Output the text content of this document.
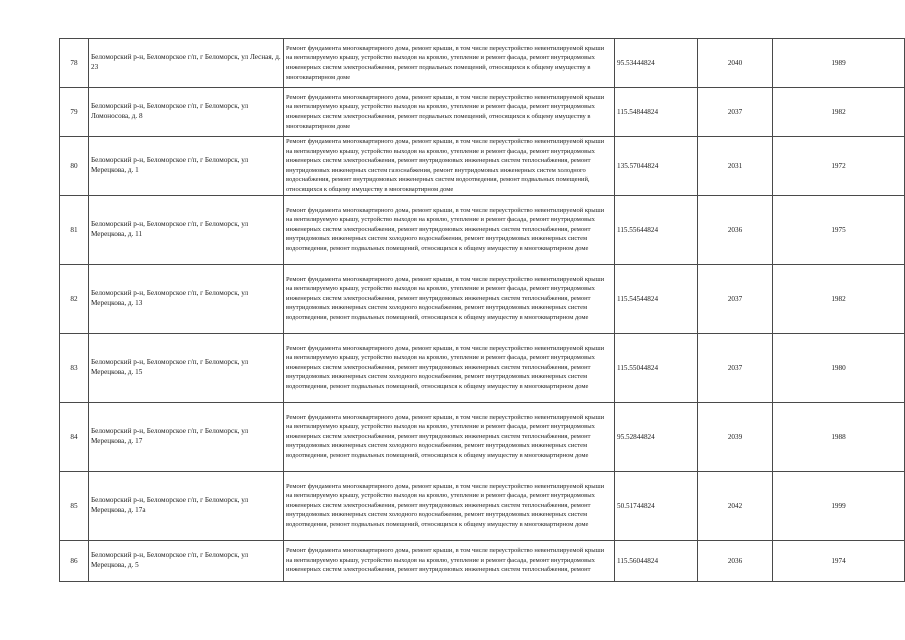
78	Беломорский р-н, Беломорское г/п, г Беломорск, ул Лесная, д. 23	Ремонт фундамента многоквартирного дома, ремонт крыши, в том числе переустройство невентилируемой крыши на вентилируемую крышу, устройство выходов на кровлю, утепление и ремонт фасада, ремонт внутридомовых инженерных систем электроснабжения, ремонт подвальных помещений, относящихся к общему имуществу в многоквартирном доме	95.53444824	2040	1989
79	Беломорский р-н, Беломорское г/п, г Беломорск, ул Ломоносова, д. 8	Ремонт фундамента многоквартирного дома, ремонт крыши, в том числе переустройство невентилируемой крыши на вентилируемую крышу, устройство выходов на кровлю, утепление и ремонт фасада, ремонт внутридомовых инженерных систем электроснабжения, ремонт подвальных помещений, относящихся к общему имуществу в многоквартирном доме	115.54844824	2037	1982
80	Беломорский р-н, Беломорское г/п, г Беломорск, ул Мерецкова, д. 1	Ремонт фундамента многоквартирного дома, ремонт крыши, в том числе переустройство невентилируемой крыши на вентилируемую крышу, устройство выходов на кровлю, утепление и ремонт фасада, ремонт внутридомовых инженерных систем электроснабжения, ремонт внутридомовых инженерных систем теплоснабжения, ремонт внутридомовых инженерных систем газоснабжения, ремонт внутридомовых инженерных систем холодного водоснабжения, ремонт внутридомовых инженерных систем водоотведения, ремонт подвальных помещений, относящихся к общему имуществу в многоквартирном доме	135.57044824	2031	1972
81	Беломорский р-н, Беломорское г/п, г Беломорск, ул Мерецкова, д. 11	Ремонт фундамента многоквартирного дома, ремонт крыши, в том числе переустройство невентилируемой крыши на вентилируемую крышу, устройство выходов на кровлю, утепление и ремонт фасада, ремонт внутридомовых инженерных систем электроснабжения, ремонт внутридомовых инженерных систем теплоснабжения, ремонт внутридомовых инженерных систем холодного водоснабжения, ремонт внутридомовых инженерных систем водоотведения, ремонт подвальных помещений, относящихся к общему имуществу в многоквартирном доме	115.55644824	2036	1975
82	Беломорский р-н, Беломорское г/п, г Беломорск, ул Мерецкова, д. 13	Ремонт фундамента многоквартирного дома, ремонт крыши, в том числе переустройство невентилируемой крыши на вентилируемую крышу, устройство выходов на кровлю, утепление и ремонт фасада, ремонт внутридомовых инженерных систем электроснабжения, ремонт внутридомовых инженерных систем теплоснабжения, ремонт внутридомовых инженерных систем холодного водоснабжения, ремонт внутридомовых инженерных систем водоотведения, ремонт подвальных помещений, относящихся к общему имуществу в многоквартирном доме	115.54544824	2037	1982
83	Беломорский р-н, Беломорское г/п, г Беломорск, ул Мерецкова, д. 15	Ремонт фундамента многоквартирного дома, ремонт крыши, в том числе переустройство невентилируемой крыши на вентилируемую крышу, устройство выходов на кровлю, утепление и ремонт фасада, ремонт внутридомовых инженерных систем электроснабжения, ремонт внутридомовых инженерных систем теплоснабжения, ремонт внутридомовых инженерных систем холодного водоснабжения, ремонт внутридомовых инженерных систем водоотведения, ремонт подвальных помещений, относящихся к общему имуществу в многоквартирном доме	115.55044824	2037	1980
84	Беломорский р-н, Беломорское г/п, г Беломорск, ул Мерецкова, д. 17	Ремонт фундамента многоквартирного дома, ремонт крыши, в том числе переустройство невентилируемой крыши на вентилируемую крышу, устройство выходов на кровлю, утепление и ремонт фасада, ремонт внутридомовых инженерных систем электроснабжения, ремонт внутридомовых инженерных систем теплоснабжения, ремонт внутридомовых инженерных систем холодного водоснабжения, ремонт внутридомовых инженерных систем водоотведения, ремонт подвальных помещений, относящихся к общему имуществу в многоквартирном доме	95.52844824	2039	1988
85	Беломорский р-н, Беломорское г/п, г Беломорск, ул Мерецкова, д. 17а	Ремонт фундамента многоквартирного дома, ремонт крыши, в том числе переустройство невентилируемой крыши на вентилируемую крышу, устройство выходов на кровлю, утепление и ремонт фасада, ремонт внутридомовых инженерных систем электроснабжения, ремонт внутридомовых инженерных систем теплоснабжения, ремонт внутридомовых инженерных систем холодного водоснабжения, ремонт внутридомовых инженерных систем водоотведения, ремонт подвальных помещений, относящихся к общему имуществу в многоквартирном доме	50.51744824	2042	1999
86	Беломорский р-н, Беломорское г/п, г Беломорск, ул Мерецкова, д. 5	Ремонт фундамента многоквартирного дома, ремонт крыши, в том числе переустройство невентилируемой крыши на вентилируемую крышу, устройство выходов на кровлю, утепление и ремонт фасада, ремонт внутридомовых инженерных систем электроснабжения, ремонт внутридомовых инженерных систем теплоснабжения, ремонт	115.56044824	2036	1974
